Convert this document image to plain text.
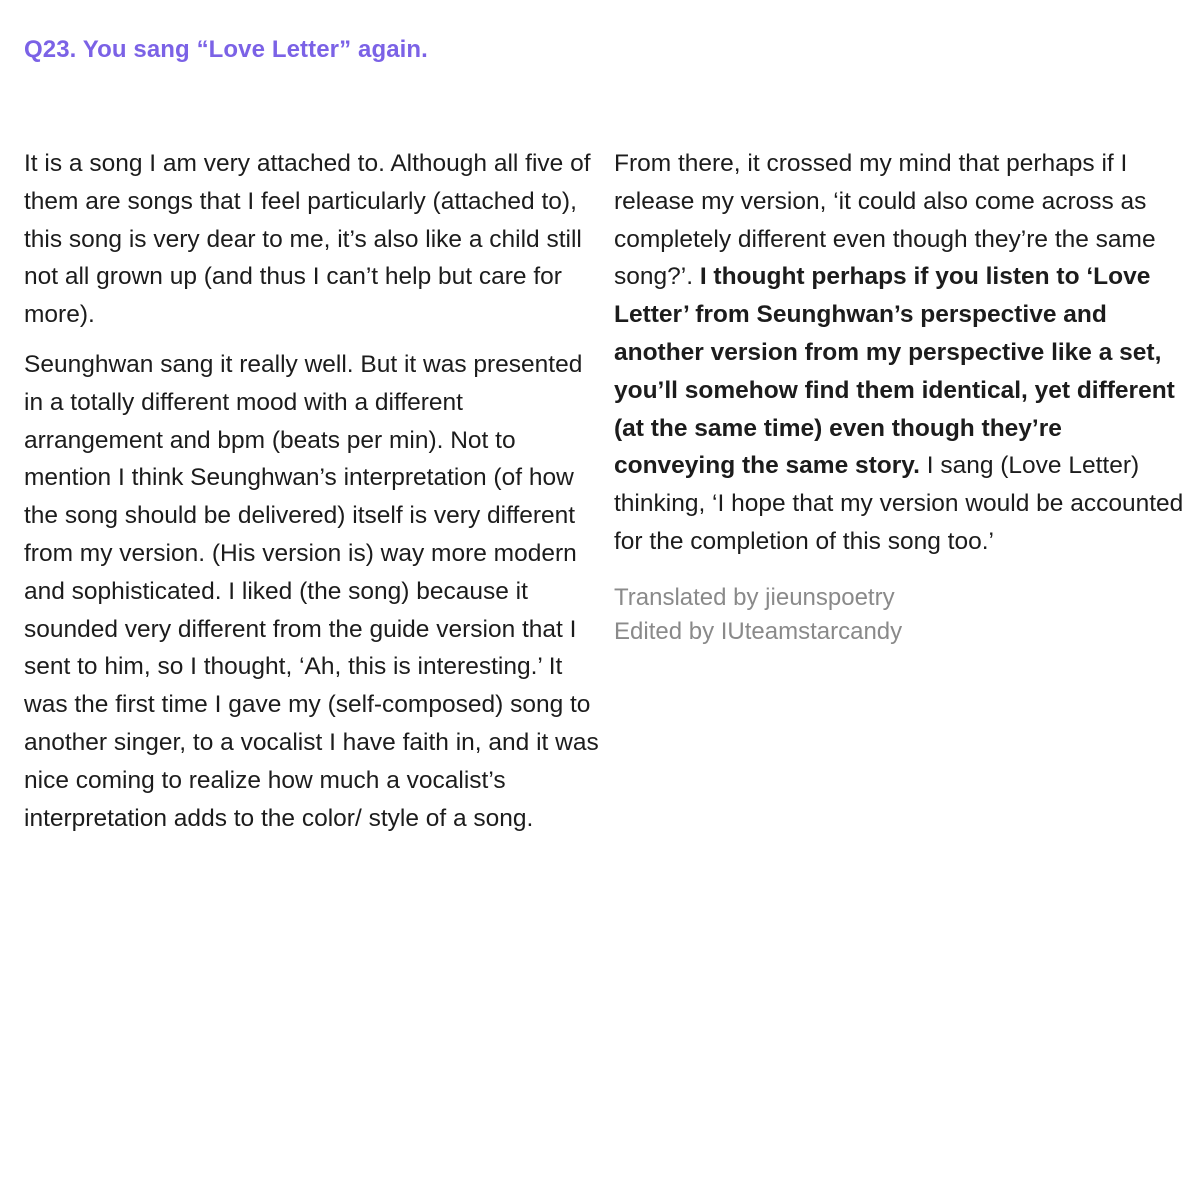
Q23. You sang “Love Letter” again.

It is a song I am very attached to. Although all five of them are songs that I feel particularly (attached to), this song is very dear to me, it’s also like a child still not all grown up (and thus I can’t help but care for more).

Seunghwan sang it really well. But it was presented in a totally different mood with a different arrangement and bpm (beats per min). Not to mention I think Seunghwan’s interpretation (of how the song should be delivered) itself is very different from my version. (His version is) way more modern and sophisticated. I liked (the song) because it sounded very different from the guide version that I sent to him, so I thought, ‘Ah, this is interesting.’ It was the first time I gave my (self-composed) song to another singer, to a vocalist I have faith in, and it was nice coming to realize how much a vocalist’s interpretation adds to the color/ style of a song.

From there, it crossed my mind that perhaps if I release my version, ‘it could also come across as completely different even though they’re the same song?’. I thought perhaps if you listen to ‘Love Letter’ from Seunghwan’s perspective and another version from my perspective like a set, you’ll somehow find them identical, yet different (at the same time) even though they’re conveying the same story. I sang (Love Letter) thinking, ‘I hope that my version would be accounted for the completion of this song too.’

Translated by jieunspoetry
Edited by IUteamstarcandy
